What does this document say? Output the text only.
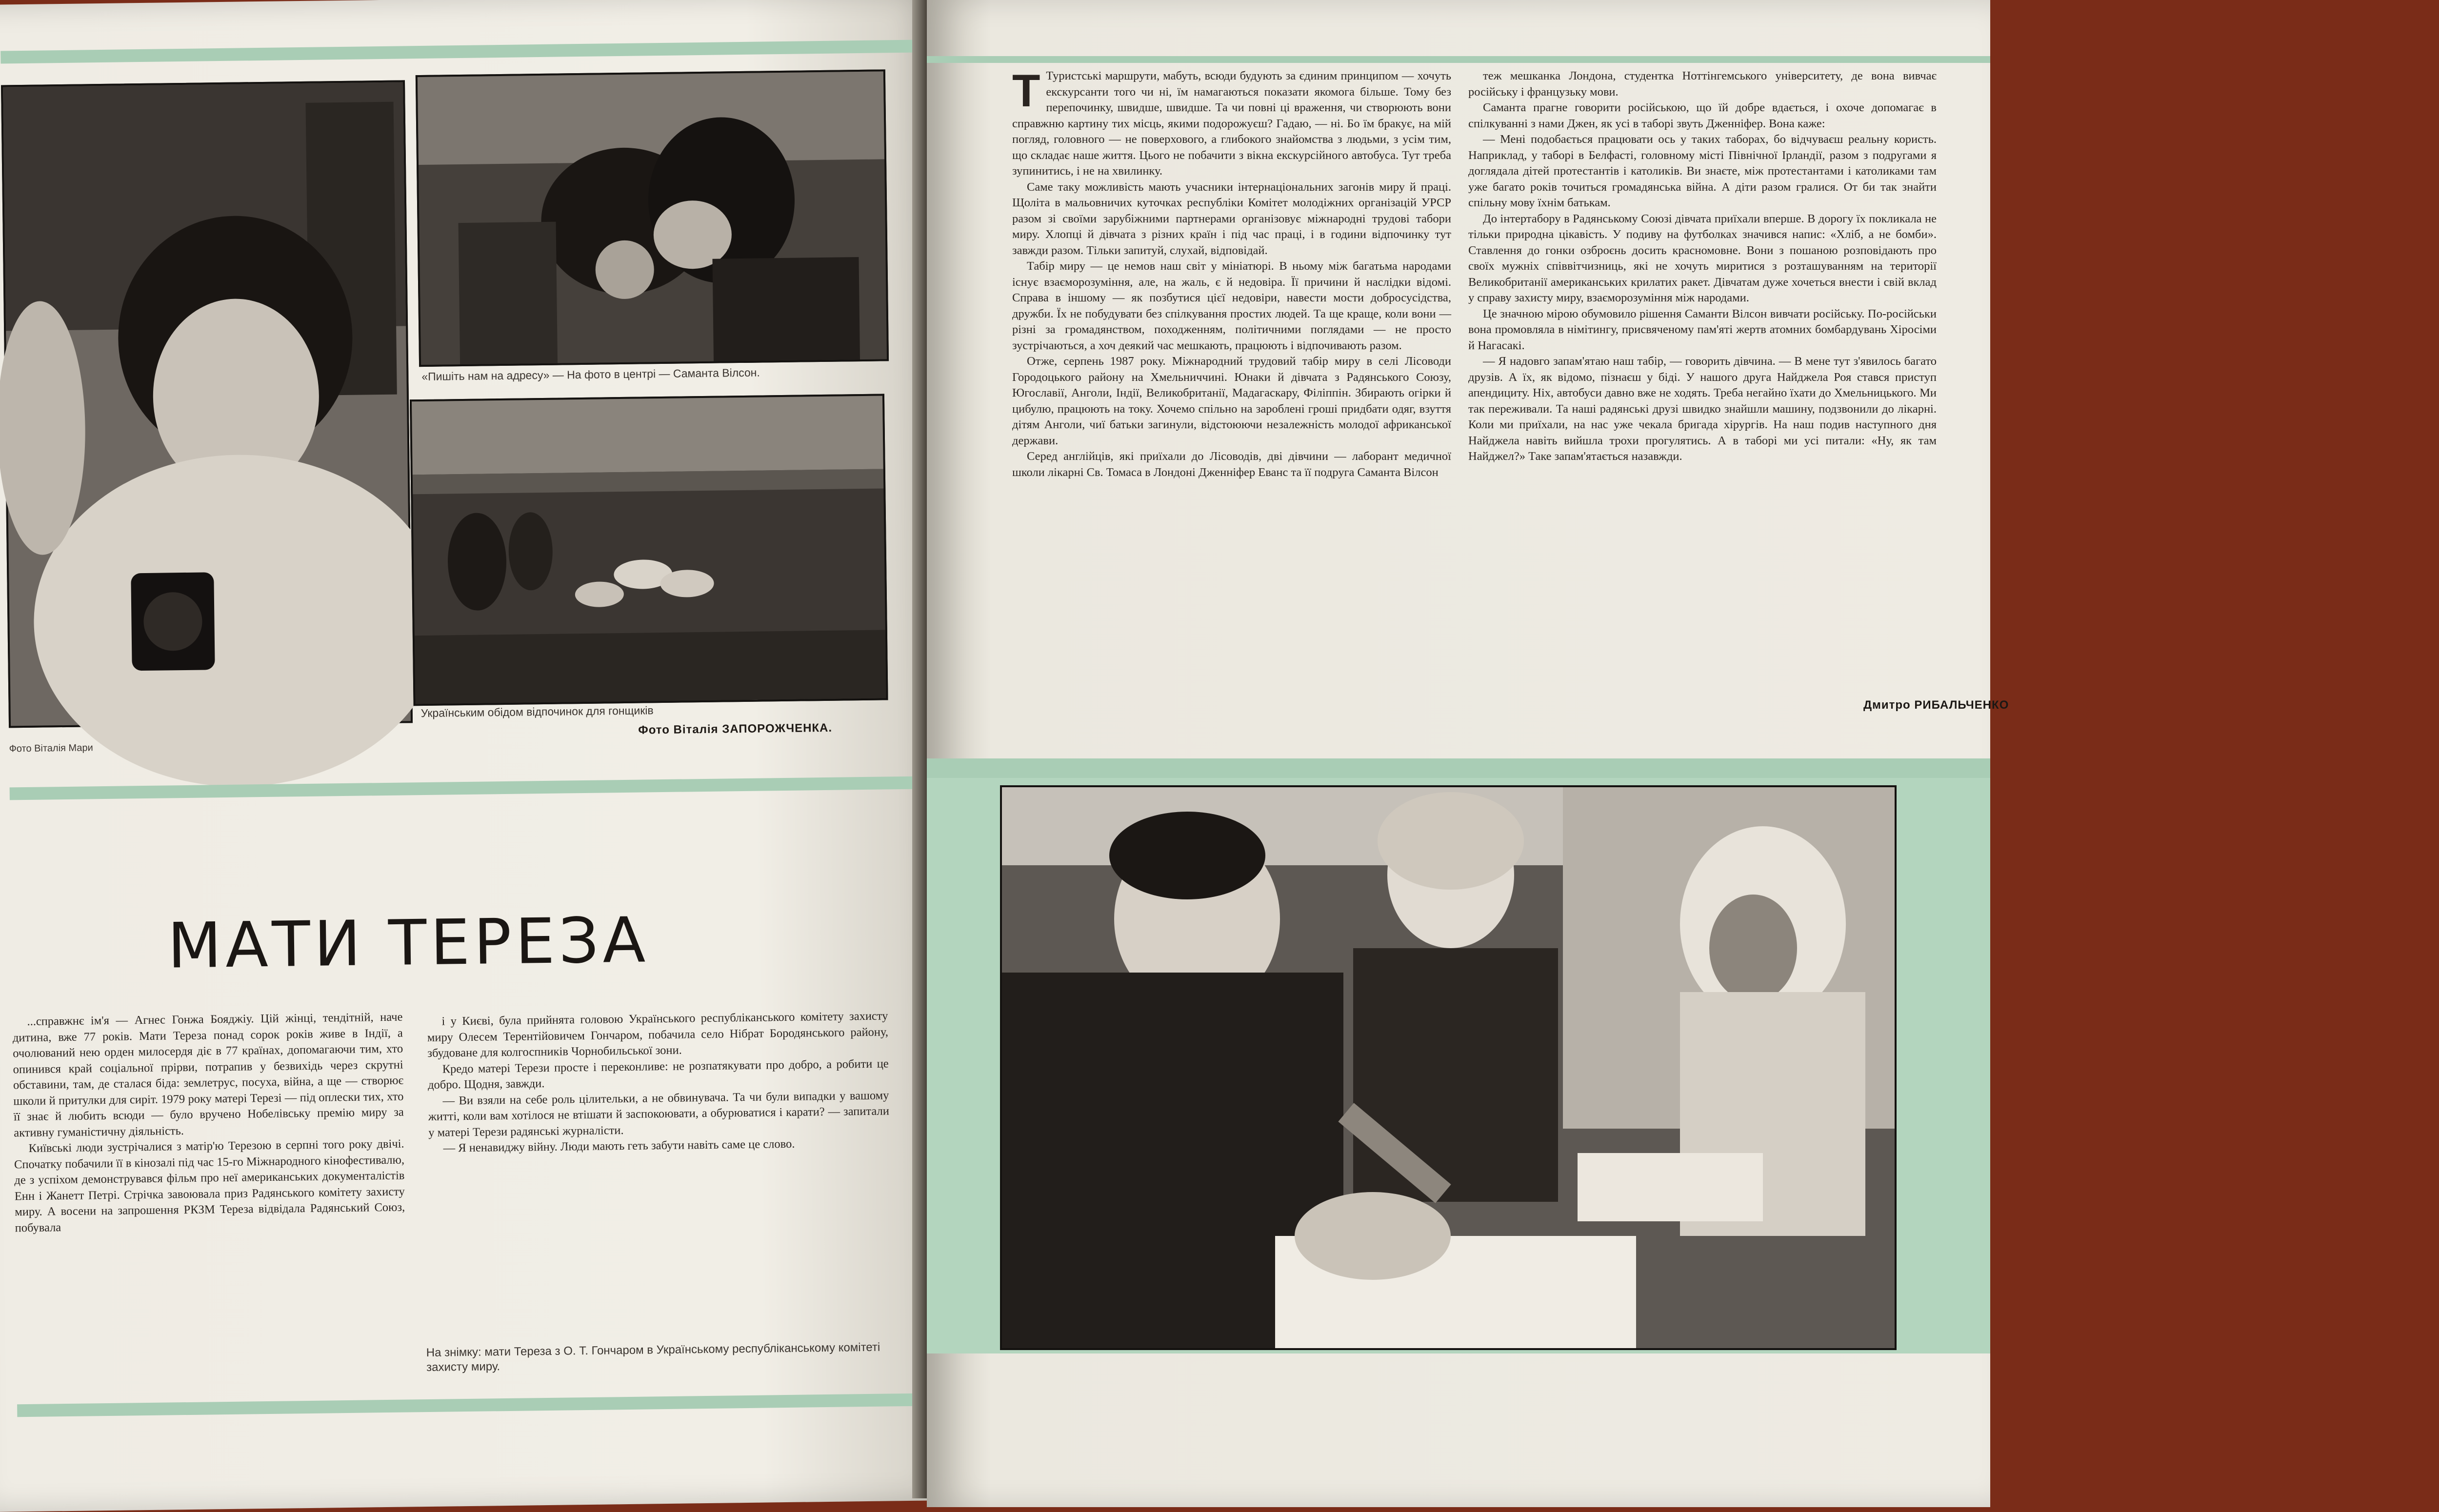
«Пишіть нам на адресу» — На фото в центрі — Саманта Вілсон.
Українським обідом відпочинок для гонщиків
Фото Віталія ЗАПОРОЖЧЕНКА.
Фото Віталія Мари
МАТИ ТЕРЕЗА

...справжнє ім'я — Агнес Гонжа Бояджіу. Цій жінці, тендітній, наче дитина, вже 77 років. Мати Тереза понад сорок років живе в Індії, а очолюваний нею орден милосердя діє в 77 країнах, допомагаючи тим, хто опинився край соціальної прірви, потрапив у безвихідь через скрутні обставини, там, де сталася біда: землетрус, посуха, війна, а ще — створює школи й притулки для сиріт. 1979 року матері Терезі — під оплески тих, хто її знає й любить всюди — було вручено Нобелівську премію миру за активну гуманістичну діяльність.

Київські люди зустрічалися з матір'ю Терезою в серпні того року двічі. Спочатку побачили її в кінозалі під час 15-го Міжнародного кінофестивалю, де з успіхом демонструвався фільм про неї американських документалістів Енн і Жанетт Петрі. Стрічка завоювала приз Радянського комітету захисту миру. А восени на запрошення РКЗМ Тереза відвідала Радянський Союз, побувала

і у Києві, була прийнята головою Українського республіканського комітету захисту миру Олесем Терентійовичем Гончаром, побачила село Нібрат Бородянського району, збудоване для колгоспників Чорнобильської зони.

Кредо матері Терези просте і переконливе: не розпатякувати про добро, а робити це добро. Щодня, завжди.

— Ви взяли на себе роль цілительки, а не обвинувача. Та чи були випадки у вашому житті, коли вам хотілося не втішати й заспокоювати, а обурюватися і карати? — запитали у матері Терези радянські журналісти.

— Я ненавиджу війну. Люди мають геть забути навіть саме це слово.

На знімку: мати Тереза з О. Т. Гончаром в Українському республіканському комітеті захисту миру.

Т Туристські маршрути, мабуть, всюди будують за єдиним принципом — хочуть екскурсанти того чи ні, їм намагаються показати якомога більше. Тому без перепочинку, швидше, швидше. Та чи повні ці враження, чи створюють вони справжню картину тих місць, якими подорожуєш? Гадаю, — ні. Бо їм бракує, на мій погляд, головного — не поверхового, а глибокого знайомства з людьми, з усім тим, що складає наше життя. Цього не побачити з вікна екскурсійного автобуса. Тут треба зупинитись, і не на хвилинку.

Саме таку можливість мають учасники інтернаціональних загонів миру й праці. Щоліта в мальовничих куточках республіки Комітет молодіжних організацій УРСР разом зі своїми зарубіжними партнерами організовує міжнародні трудові табори миру. Хлопці й дівчата з різних країн і під час праці, і в години відпочинку тут завжди разом. Тільки запитуй, слухай, відповідай.

Табір миру — це немов наш світ у мініатюрі. В ньому між багатьма народами існує взаєморозуміння, але, на жаль, є й недовіра. Її причини й наслідки відомі. Справа в іншому — як позбутися цієї недовіри, навести мости добросусідства, дружби. Їх не побудувати без спілкування простих людей. Та ще краще, коли вони — різні за громадянством, походженням, політичними поглядами — не просто зустрічаються, а хоч деякий час мешкають, працюють і відпочивають разом.

Отже, серпень 1987 року. Міжнародний трудовий табір миру в селі Лісоводи Городоцького району на Хмельниччині. Юнаки й дівчата з Радянського Союзу, Югославії, Анголи, Індії, Великобританії, Мадагаскару, Філіппін. Збирають огірки й цибулю, працюють на току. Хочемо спільно на зароблені гроші придбати одяг, взуття дітям Анголи, чиї батьки загинули, відстоюючи незалежність молодої африканської держави.

Серед англійців, які приїхали до Лісоводів, дві дівчини — лаборант медичної школи лікарні Св. Томаса в Лондоні Дженніфер Еванс та її подруга Саманта Вілсон

теж мешканка Лондона, студентка Ноттінгемського університету, де вона вивчає російську і французьку мови.

Саманта прагне говорити російською, що їй добре вдається, і охоче допомагає в спілкуванні з нами Джен, як усі в таборі звуть Дженніфер. Вона каже:

— Мені подобається працювати ось у таких таборах, бо відчуваєш реальну користь. Наприклад, у таборі в Белфасті, головному місті Північної Ірландії, разом з подругами я доглядала дітей протестантів і католиків. Ви знаєте, між протестантами і католиками там уже багато років точиться громадянська війна. А діти разом гралися. От би так знайти спільну мову їхнім батькам.

До інтертабору в Радянському Союзі дівчата приїхали вперше. В дорогу їх покликала не тільки природна цікавість. У подиву на футболках значився напис: «Хліб, а не бомби». Ставлення до гонки озброєнь досить красномовне. Вони з пошаною розповідають про своїх мужніх співвітчизниць, які не хочуть миритися з розташуванням на території Великобританії американських крилатих ракет. Дівчатам дуже хочеться внести і свій вклад у справу захисту миру, взаєморозуміння між народами.

Це значною мірою обумовило рішення Саманти Вілсон вивчати російську. По-російськи вона промовляла в німітингу, присвяченому пам'яті жертв атомних бомбардувань Хіросіми й Нагасакі.

— Я надовго запам'ятаю наш табір, — говорить дівчина. — В мене тут з'явилось багато друзів. А їх, як відомо, пізнаєш у біді. У нашого друга Найджела Роя стався приступ апендициту. Ніх, автобуси давно вже не ходять. Треба негайно їхати до Хмельницького. Ми так переживали. Та наші радянські друзі швидко знайшли машину, подзвонили до лікарні. Коли ми приїхали, на нас уже чекала бригада хірургів. На наш подив наступного дня Найджела навіть вийшла трохи прогулятись. А в таборі ми усі питали: «Ну, як там Найджел?» Таке запам'ятається назавжди.

Дмитро РИБАЛЬЧЕНКО
